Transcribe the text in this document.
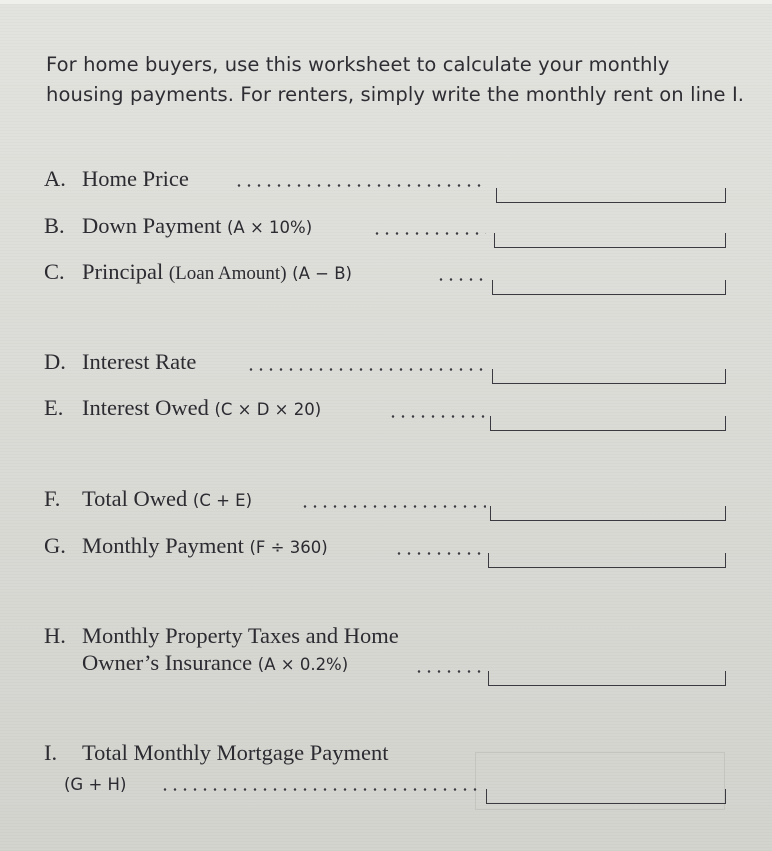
For home buyers, use this worksheet to calculate your monthly
housing payments. For renters, simply write the monthly rent on line I.
A. Home Price
B. Down Payment (A × 10%)
C. Principal (Loan Amount) (A − B)
D. Interest Rate
E. Interest Owed (C × D × 20)
F. Total Owed (C + E)
G. Monthly Payment (F ÷ 360)
H. Monthly Property Taxes and Home
Owner’s Insurance (A × 0.2%)
I. Total Monthly Mortgage Payment
(G + H)
